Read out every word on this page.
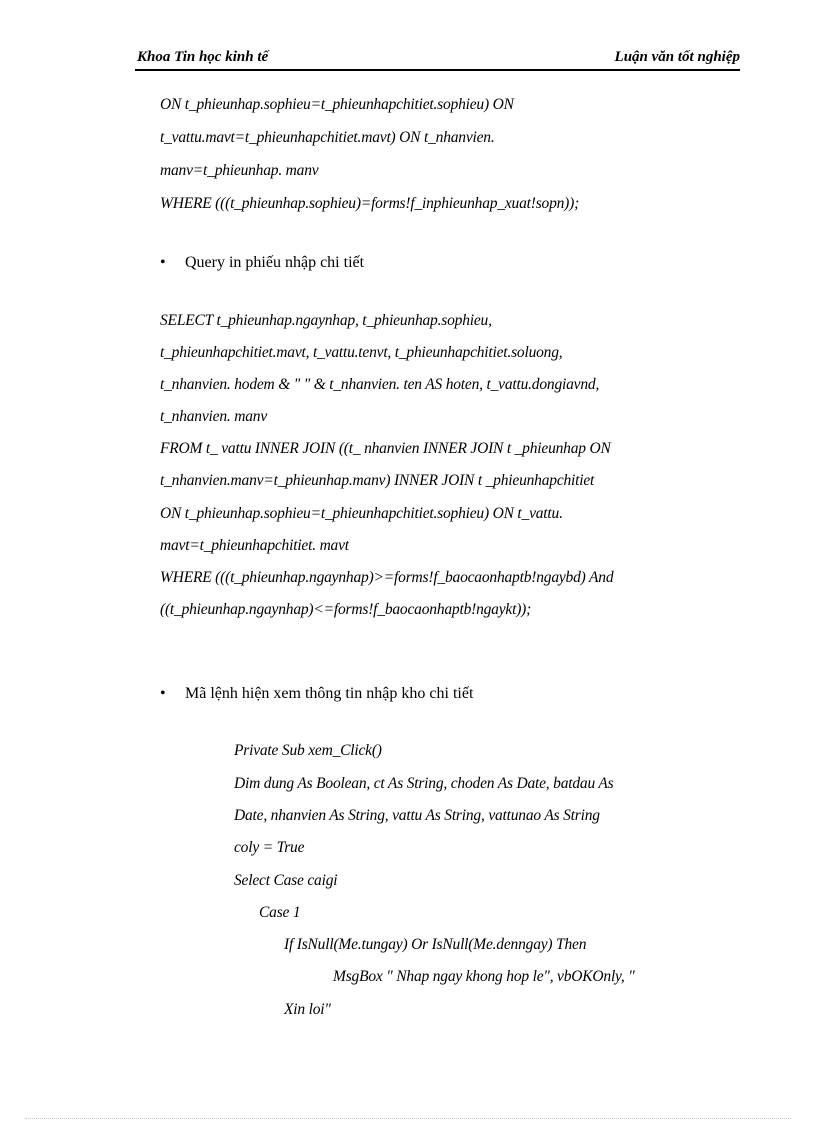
Khoa Tin học kinh tế	Luận văn tốt nghiệp
ON t_phieunhap.sophieu=t_phieunhapchitiet.sophieu) ON
t_vattu.mavt=t_phieunhapchitiet.mavt) ON t_nhanvien.
manv=t_phieunhap. manv
WHERE (((t_phieunhap.sophieu)=forms!f_inphieunhap_xuat!sopn));
• Query in phiếu nhập chi tiết
SELECT t_phieunhap.ngaynhap, t_phieunhap.sophieu,
t_phieunhapchitiet.mavt, t_vattu.tenvt, t_phieunhapchitiet.soluong,
t_nhanvien. hodem & " " & t_nhanvien. ten AS hoten, t_vattu.dongiavnd,
t_nhanvien. manv
FROM t_ vattu INNER JOIN ((t_ nhanvien INNER JOIN t _phieunhap ON
t_nhanvien.manv=t_phieunhap.manv) INNER JOIN t _phieunhapchitiet
ON t_phieunhap.sophieu=t_phieunhapchitiet.sophieu) ON t_vattu.
mavt=t_phieunhapchitiet. mavt
WHERE (((t_phieunhap.ngaynhap)>=forms!f_baocaonhaptb!ngaybd) And
((t_phieunhap.ngaynhap)<=forms!f_baocaonhaptb!ngaykt));
• Mã lệnh hiện xem thông tin nhập kho chi tiết
Private Sub xem_Click()
Dim dung As Boolean, ct As String, choden As Date, batdau As
Date, nhanvien As String, vattu As String, vattunao As String
coly = True
Select Case caigi
Case 1
If IsNull(Me.tungay) Or IsNull(Me.denngay) Then
MsgBox " Nhap ngay khong hop le", vbOKOnly, "
Xin loi"
